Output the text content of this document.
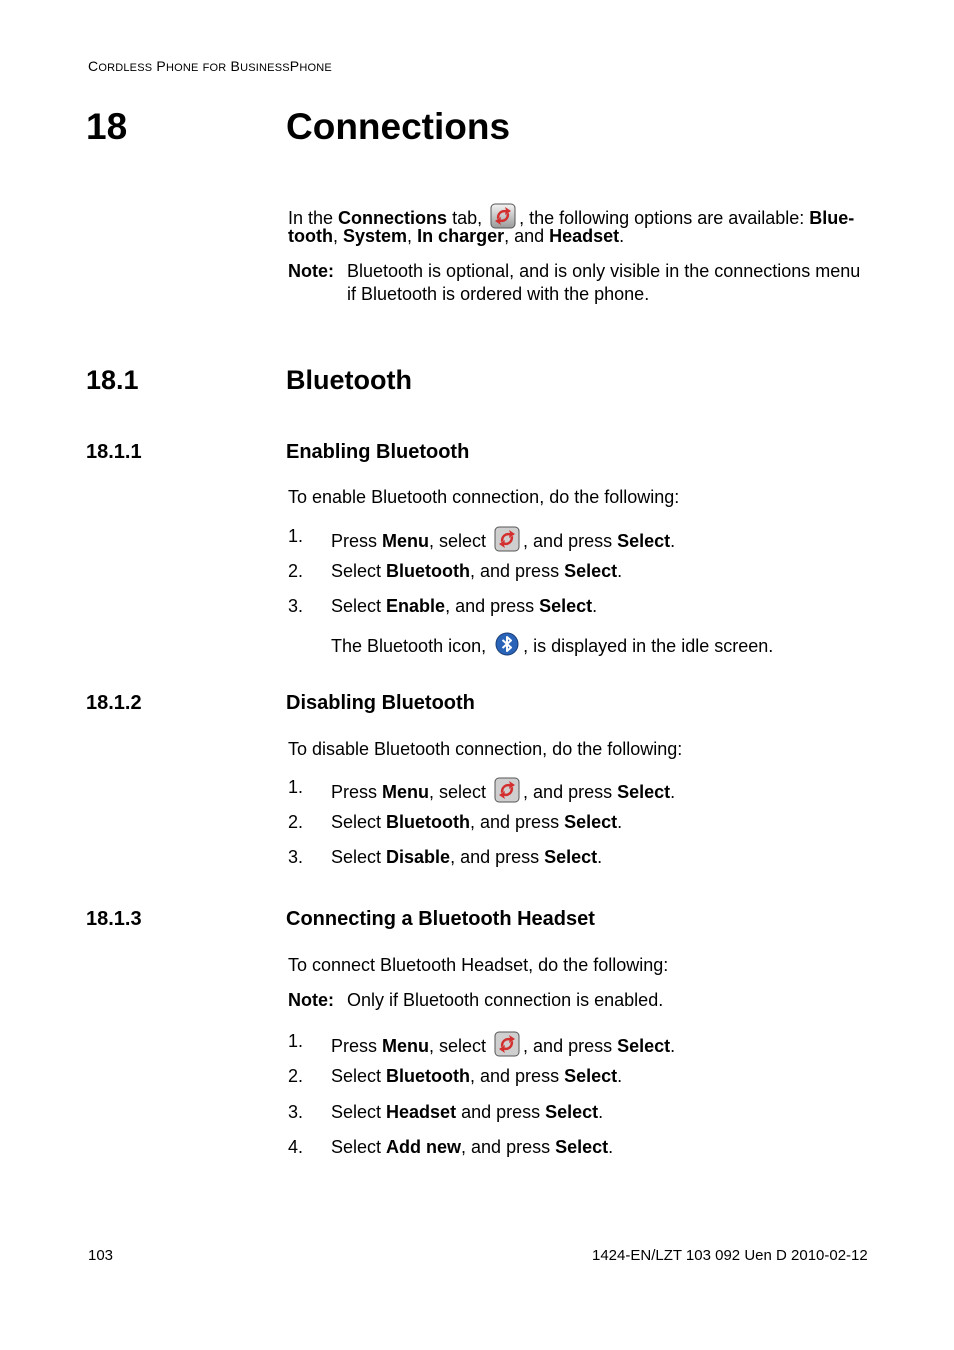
CORDLESS PHONE FOR BUSINESSPHONE
18	Connections
In the Connections tab, , the following options are available: Blue-
tooth, System, In charger, and Headset.
Note: Bluetooth is optional, and is only visible in the connections menu
if Bluetooth is ordered with the phone.
18.1	Bluetooth
18.1.1	Enabling Bluetooth
To enable Bluetooth connection, do the following:
1. Press Menu, select , and press Select.
2. Select Bluetooth, and press Select.
3. Select Enable, and press Select.
The Bluetooth icon, , is displayed in the idle screen.
18.1.2	Disabling Bluetooth
To disable Bluetooth connection, do the following:
1. Press Menu, select , and press Select.
2. Select Bluetooth, and press Select.
3. Select Disable, and press Select.
18.1.3	Connecting a Bluetooth Headset
To connect Bluetooth Headset, do the following:
Note: Only if Bluetooth connection is enabled.
1. Press Menu, select , and press Select.
2. Select Bluetooth, and press Select.
3. Select Headset and press Select.
4. Select Add new, and press Select.
103	1424-EN/LZT 103 092 Uen D 2010-02-12
